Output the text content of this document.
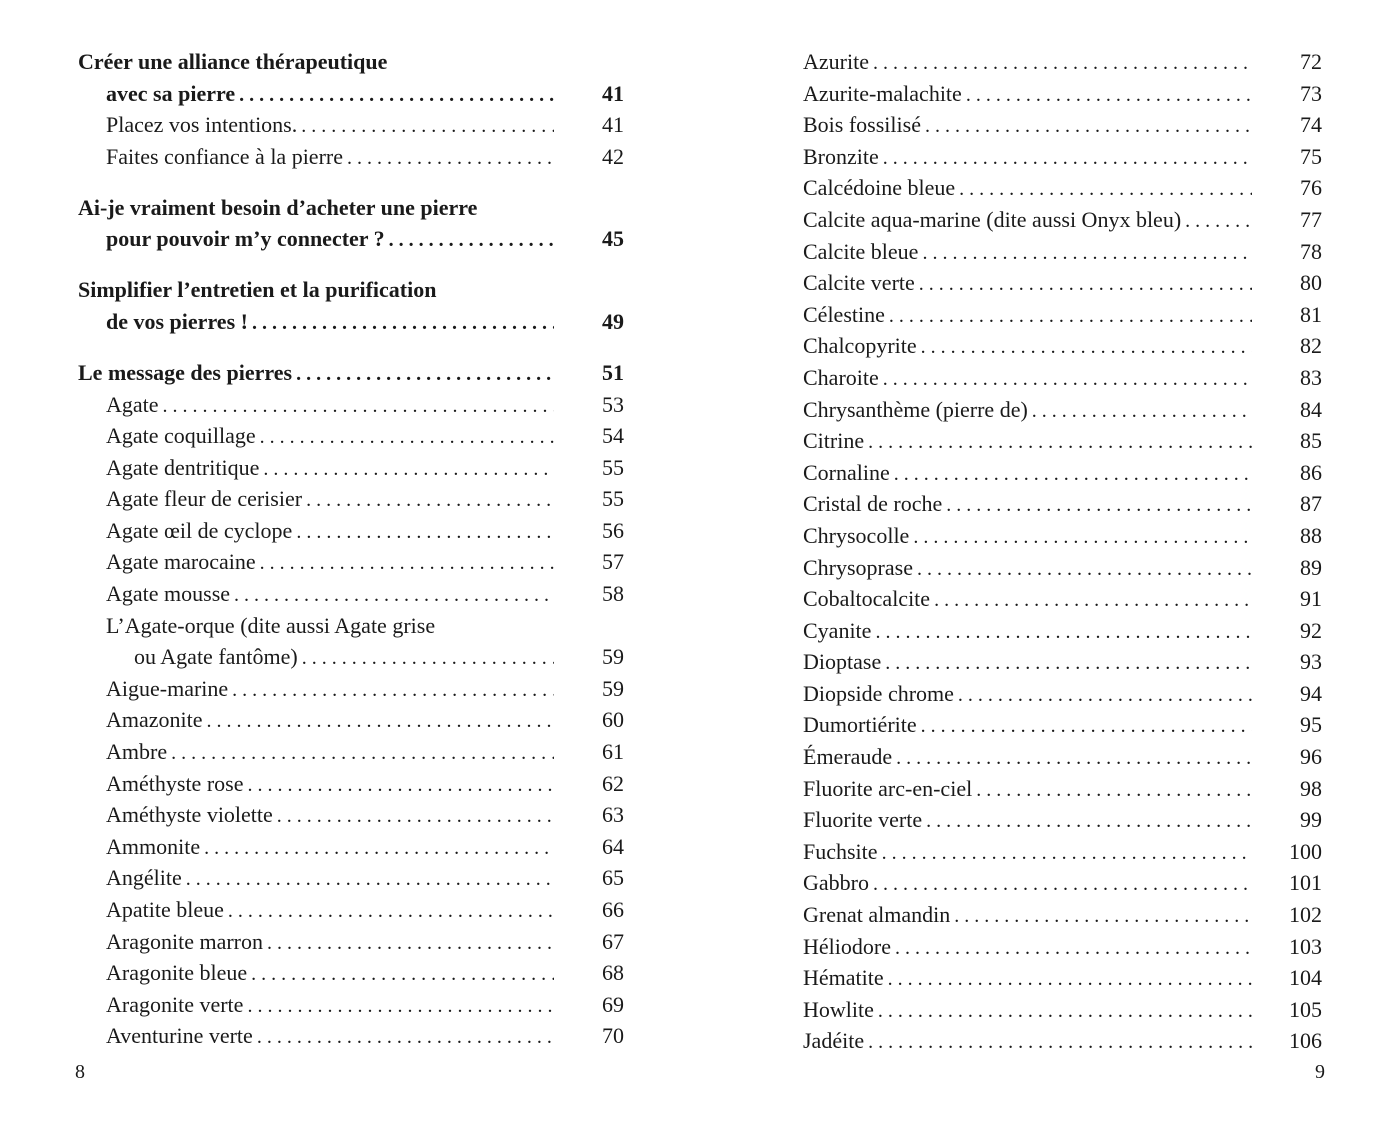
Créer une alliance thérapeutique
avec sa pierre . . .	41
Placez vos intentions. . . .	41
Faites confiance à la pierre . . .	42
Ai-je vraiment besoin d’acheter une pierre
pour pouvoir m’y connecter ? . . .	45
Simplifier l’entretien et la purification
de vos pierres ! . . .	49
Le message des pierres . . .	51
Agate . . .	53
Agate coquillage . . .	54
Agate dentritique . . .	55
Agate fleur de cerisier . . .	55
Agate œil de cyclope . . .	56
Agate marocaine . . .	57
Agate mousse . . .	58
L’Agate-orque (dite aussi Agate grise
ou Agate fantôme) . . .	59
Aigue-marine . . .	59
Amazonite . . .	60
Ambre . . .	61
Améthyste rose . . .	62
Améthyste violette . . .	63
Ammonite . . .	64
Angélite . . .	65
Apatite bleue . . .	66
Aragonite marron . . .	67
Aragonite bleue . . .	68
Aragonite verte . . .	69
Aventurine verte . . .	70
8
Azurite . . .	72
Azurite-malachite . . .	73
Bois fossilisé . . .	74
Bronzite . . .	75
Calcédoine bleue . . .	76
Calcite aqua-marine (dite aussi Onyx bleu) . . .	77
Calcite bleue . . .	78
Calcite verte . . .	80
Célestine . . .	81
Chalcopyrite . . .	82
Charoite . . .	83
Chrysanthème (pierre de) . . .	84
Citrine . . .	85
Cornaline . . .	86
Cristal de roche . . .	87
Chrysocolle . . .	88
Chrysoprase . . .	89
Cobaltocalcite . . .	91
Cyanite . . .	92
Dioptase . . .	93
Diopside chrome . . .	94
Dumortiérite . . .	95
Émeraude . . .	96
Fluorite arc-en-ciel . . .	98
Fluorite verte . . .	99
Fuchsite . . .	100
Gabbro . . .	101
Grenat almandin . . .	102
Héliodore . . .	103
Hématite . . .	104
Howlite . . .	105
Jadéite . . .	106
9
